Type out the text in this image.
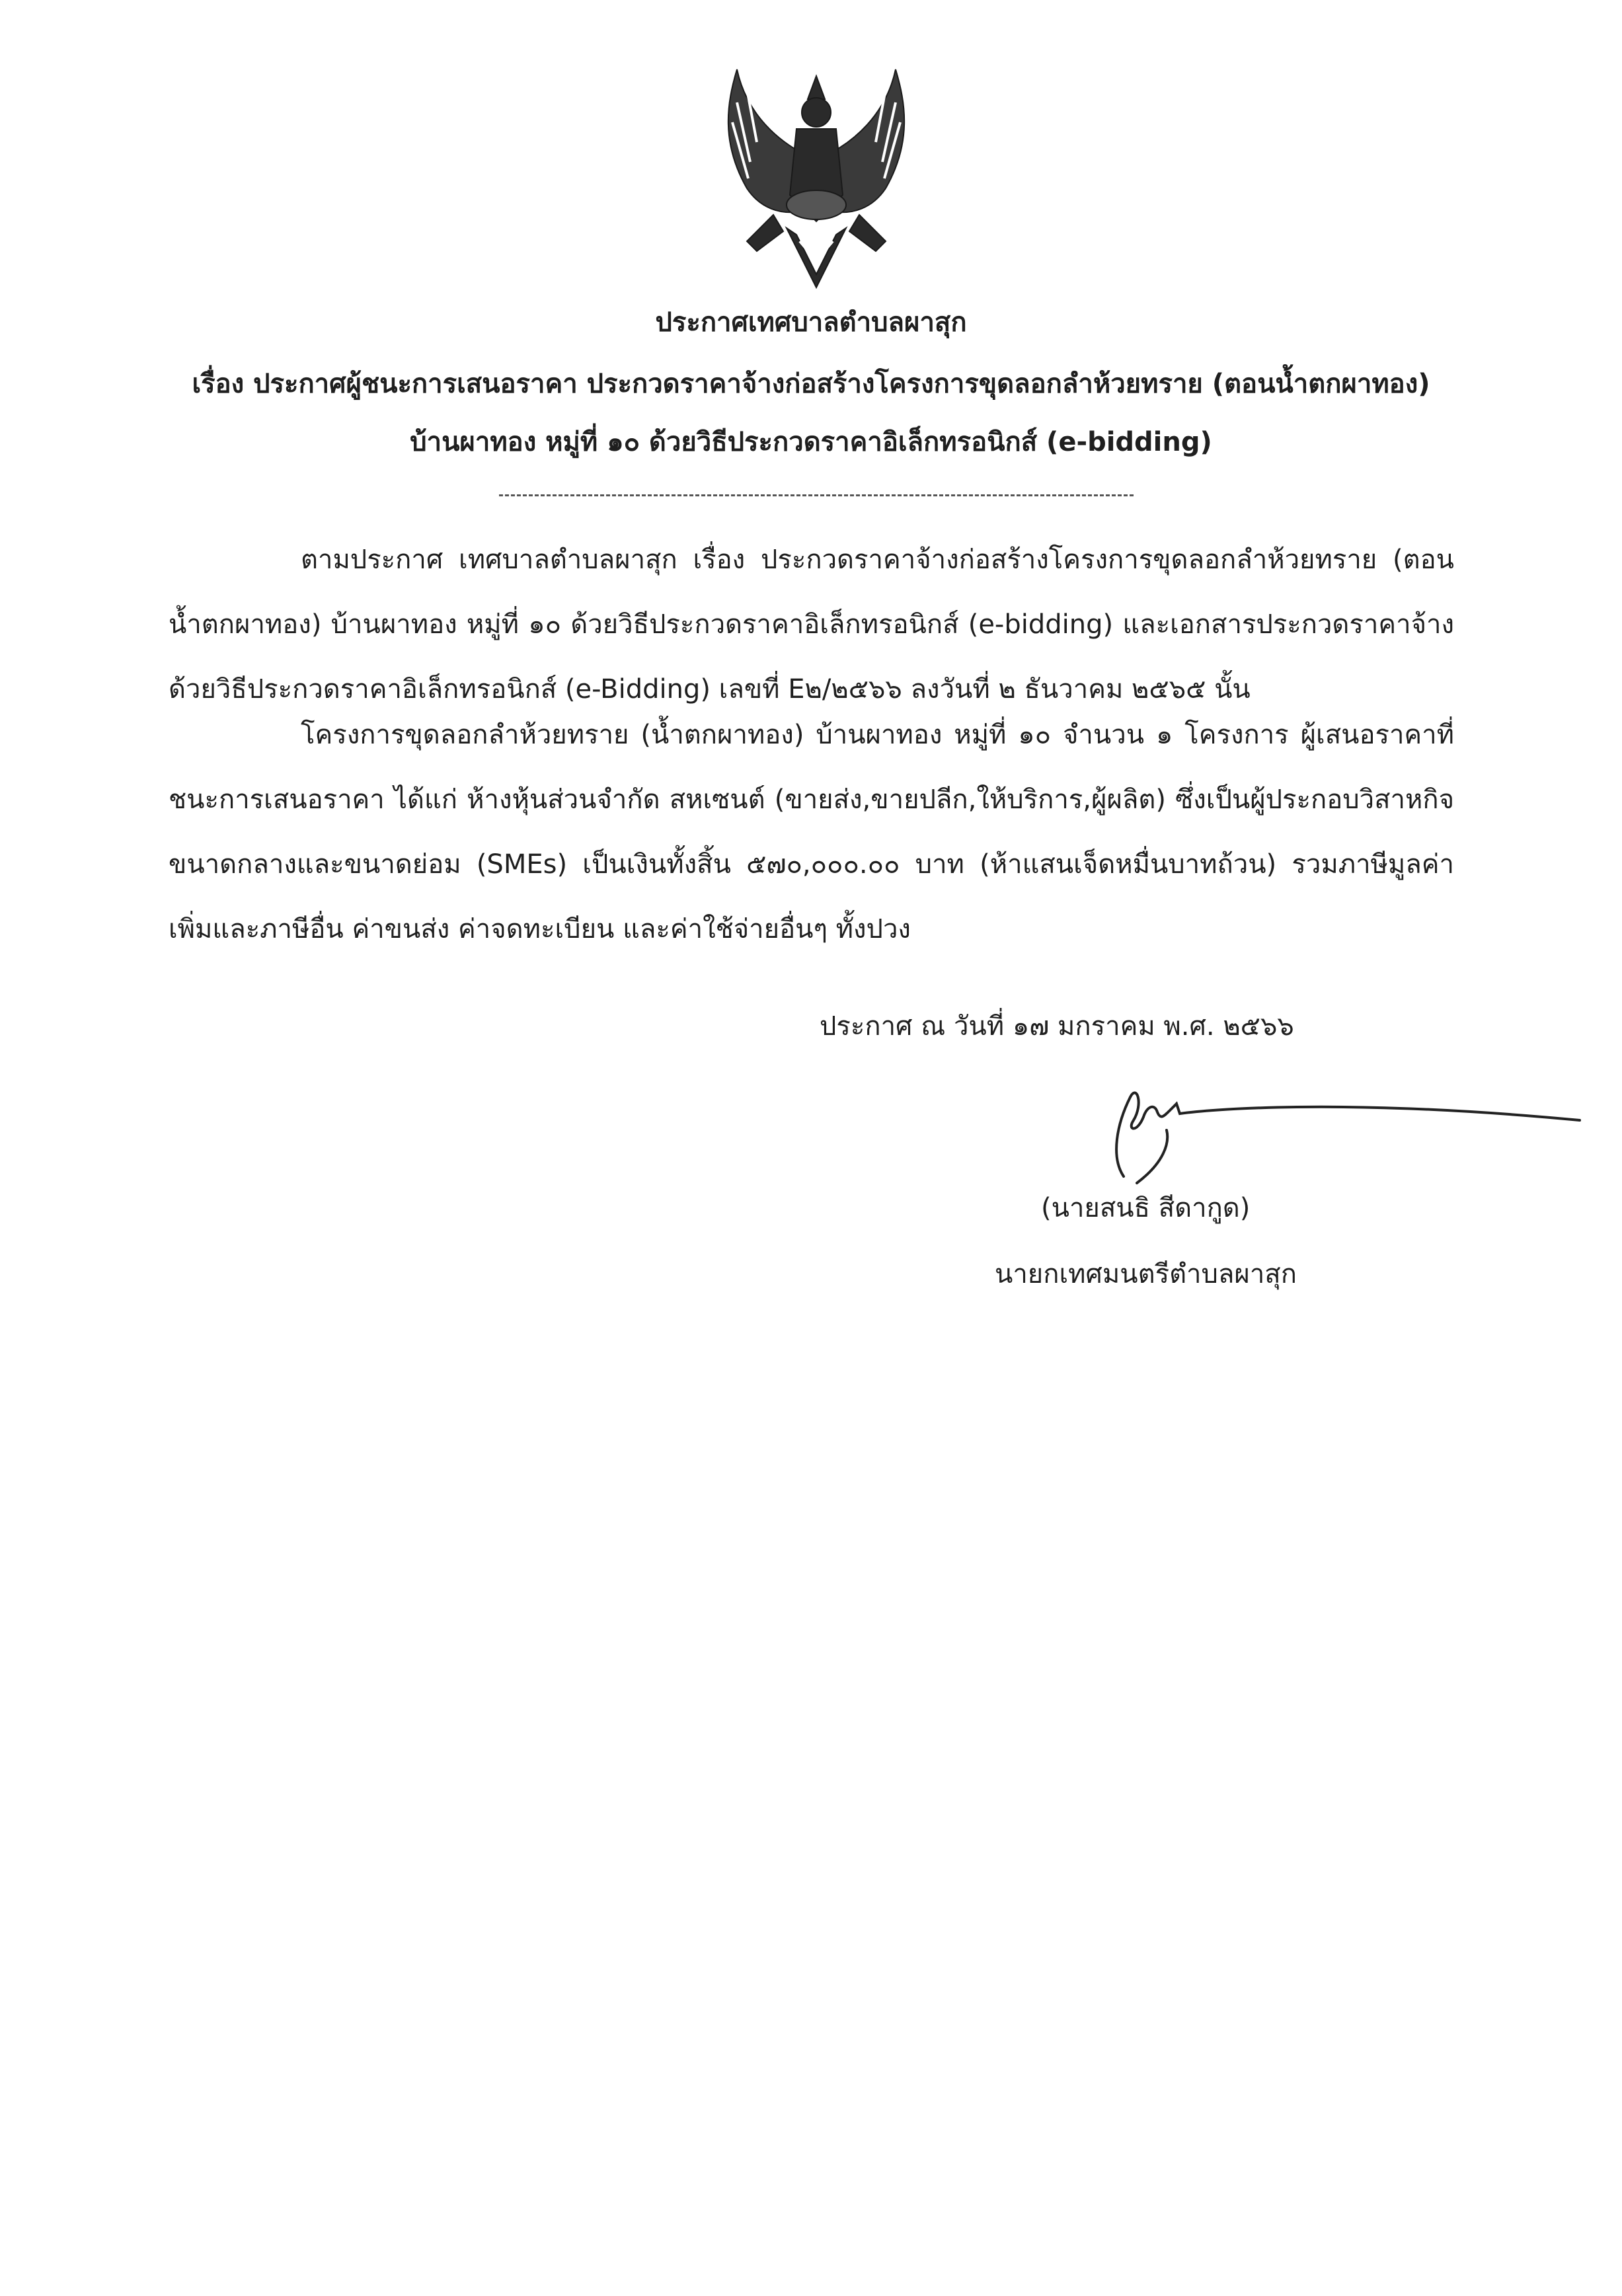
ประกาศเทศบาลตำบลผาสุก
เรื่อง ประกาศผู้ชนะการเสนอราคา ประกวดราคาจ้างก่อสร้างโครงการขุดลอกลำห้วยทราย (ตอนน้ำตกผาทอง)
บ้านผาทอง หมู่ที่ ๑๐ ด้วยวิธีประกวดราคาอิเล็กทรอนิกส์ (e-bidding)
ตามประกาศ เทศบาลตำบลผาสุก เรื่อง ประกวดราคาจ้างก่อสร้างโครงการขุดลอกลำห้วยทราย (ตอนน้ำตกผาทอง) บ้านผาทอง หมู่ที่ ๑๐ ด้วยวิธีประกวดราคาอิเล็กทรอนิกส์ (e-bidding) และเอกสารประกวดราคาจ้างด้วยวิธีประกวดราคาอิเล็กทรอนิกส์ (e-Bidding) เลขที่ E๒/๒๕๖๖ ลงวันที่ ๒ ธันวาคม ๒๕๖๕ นั้น
โครงการขุดลอกลำห้วยทราย (น้ำตกผาทอง) บ้านผาทอง หมู่ที่ ๑๐ จำนวน ๑ โครงการ ผู้เสนอราคาที่ชนะการเสนอราคา ได้แก่ ห้างหุ้นส่วนจำกัด สหเซนต์ (ขายส่ง,ขายปลีก,ให้บริการ,ผู้ผลิต) ซึ่งเป็นผู้ประกอบวิสาหกิจขนาดกลางและขนาดย่อม (SMEs) เป็นเงินทั้งสิ้น ๕๗๐,๐๐๐.๐๐ บาท (ห้าแสนเจ็ดหมื่นบาทถ้วน) รวมภาษีมูลค่าเพิ่มและภาษีอื่น ค่าขนส่ง ค่าจดทะเบียน และค่าใช้จ่ายอื่นๆ ทั้งปวง
ประกาศ ณ วันที่ ๑๗ มกราคม พ.ศ. ๒๕๖๖
(นายสนธิ สีดากูด)
นายกเทศมนตรีตำบลผาสุก
